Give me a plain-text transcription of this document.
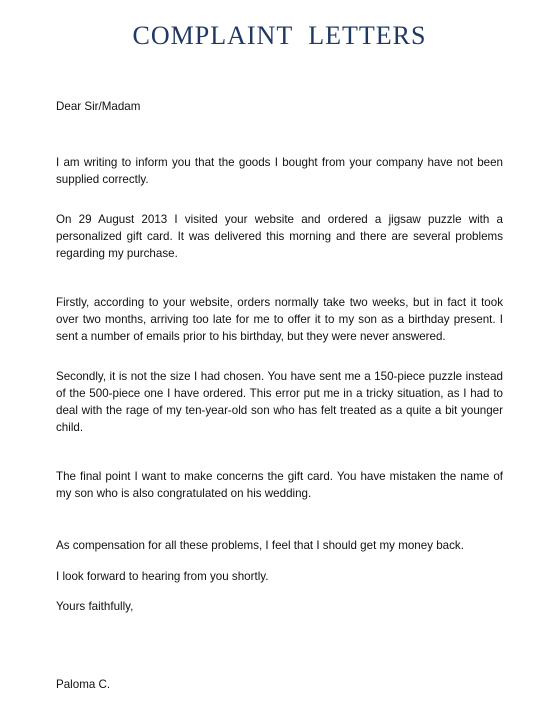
COMPLAINT LETTERS

Dear Sir/Madam

I am writing to inform you that the goods I bought from your company have not been supplied correctly.

On 29 August 2013 I visited your website and ordered a jigsaw puzzle with a personalized gift card. It was delivered this morning and there are several problems regarding my purchase.

Firstly, according to your website, orders normally take two weeks, but in fact it took over two months, arriving too late for me to offer it to my son as a birthday present. I sent a number of emails prior to his birthday, but they were never answered.

Secondly, it is not the size I had chosen. You have sent me a 150-piece puzzle instead of the 500-piece one I have ordered. This error put me in a tricky situation, as I had to deal with the rage of my ten-year-old son who has felt treated as a quite a bit younger child.

The final point I want to make concerns the gift card. You have mistaken the name of my son who is also congratulated on his wedding.

As compensation for all these problems, I feel that I should get my money back.

I look forward to hearing from you shortly.

Yours faithfully,

Paloma C.
